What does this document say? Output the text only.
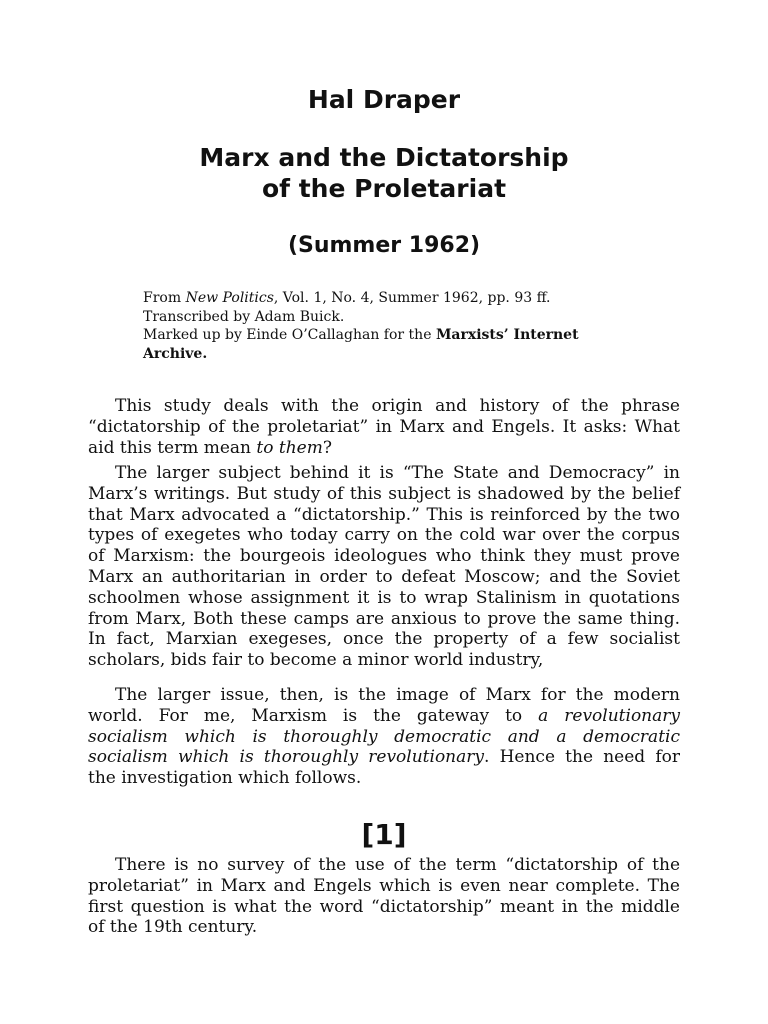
Hal Draper
Marx and the Dictatorship
of the Proletariat
(Summer 1962)
From New Politics, Vol. 1, No. 4, Summer 1962, pp. 93 ff.
Transcribed by Adam Buick.
Marked up by Einde O’Callaghan for the Marxists’ Internet
Archive.
This study deals with the origin and history of the phrase
“dictatorship of the proletariat” in Marx and Engels. It asks: What
aid this term mean to them?
The larger subject behind it is “The State and Democracy” in
Marx’s writings. But study of this subject is shadowed by the belief
that Marx advocated a “dictatorship.” This is reinforced by the two
types of exegetes who today carry on the cold war over the corpus
of Marxism: the bourgeois ideologues who think they must prove
Marx an authoritarian in order to defeat Moscow; and the Soviet
schoolmen whose assignment it is to wrap Stalinism in quotations
from Marx, Both these camps are anxious to prove the same thing.
In fact, Marxian exegeses, once the property of a few socialist
scholars, bids fair to become a minor world industry,
The larger issue, then, is the image of Marx for the modern
world. For me, Marxism is the gateway to a revolutionary
socialism which is thoroughly democratic and a democratic
socialism which is thoroughly revolutionary. Hence the need for
the investigation which follows.
[1]
There is no survey of the use of the term “dictatorship of the
proletariat” in Marx and Engels which is even near complete. The
first question is what the word “dictatorship” meant in the middle
of the 19th century.
